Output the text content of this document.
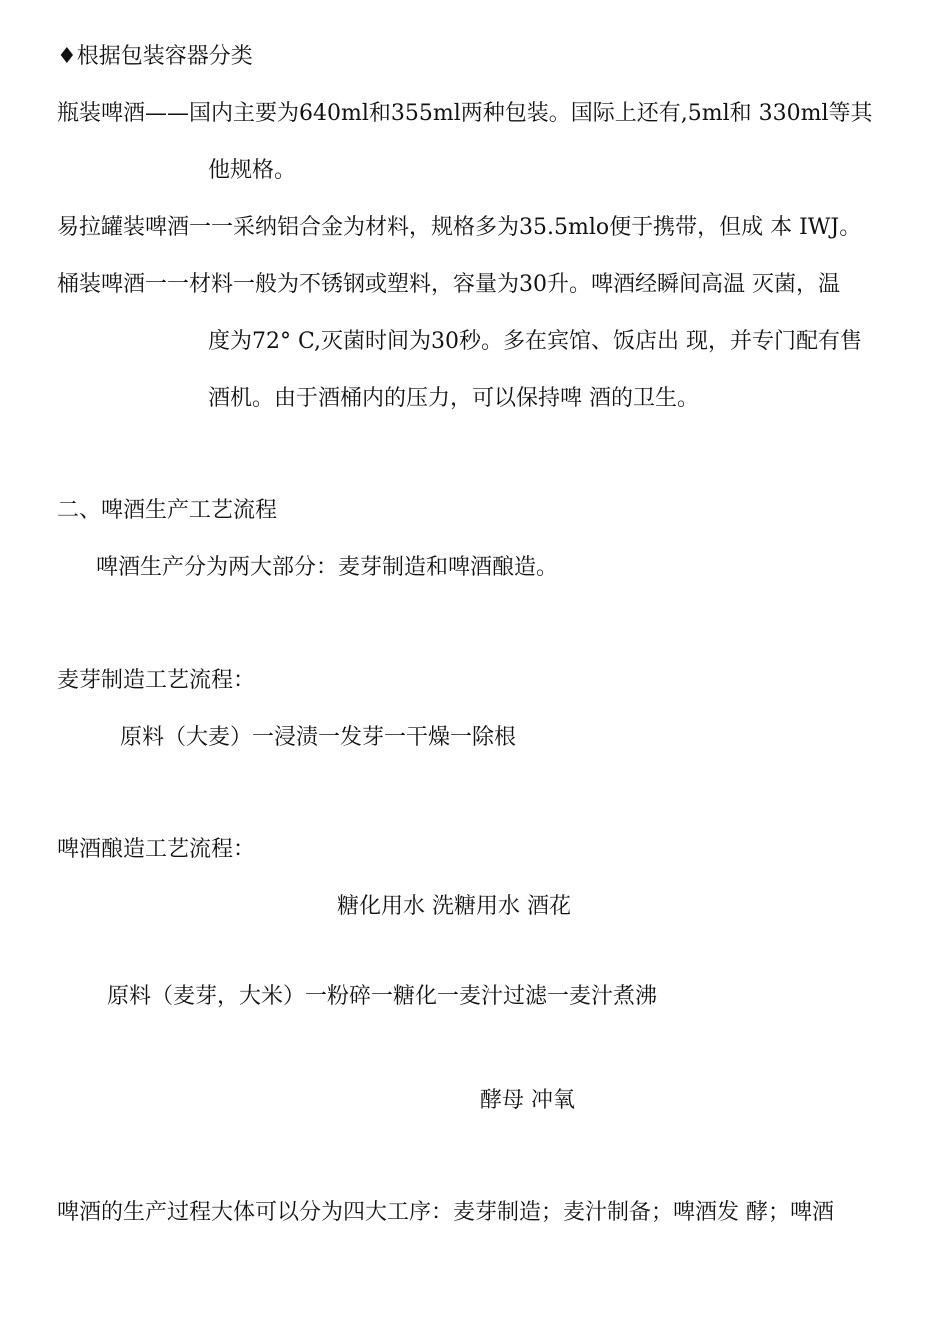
♦根据包装容器分类

瓶装啤酒——国内主要为640ml和355ml两种包装。国际上还有,5ml和 330ml等其

他规格。

易拉罐装啤酒一一采纳铝合金为材料，规格多为35.5mlo便于携带，但成 本 IWJ。

桶装啤酒一一材料一般为不锈钢或塑料，容量为30升。啤酒经瞬间高温 灭菌，温

度为72° C,灭菌时间为30秒。多在宾馆、饭店出 现，并专门配有售

酒机。由于酒桶内的压力，可以保持啤 酒的卫生。

二、啤酒生产工艺流程

啤酒生产分为两大部分：麦芽制造和啤酒酿造。

麦芽制造工艺流程：

原料（大麦）一浸渍一发芽一干燥一除根

啤酒酿造工艺流程：

糖化用水 洗糖用水 酒花

原料（麦芽，大米）一粉碎一糖化一麦汁过滤一麦汁煮沸

酵母 冲氧

啤酒的生产过程大体可以分为四大工序：麦芽制造；麦汁制备；啤酒发 酵；啤酒
